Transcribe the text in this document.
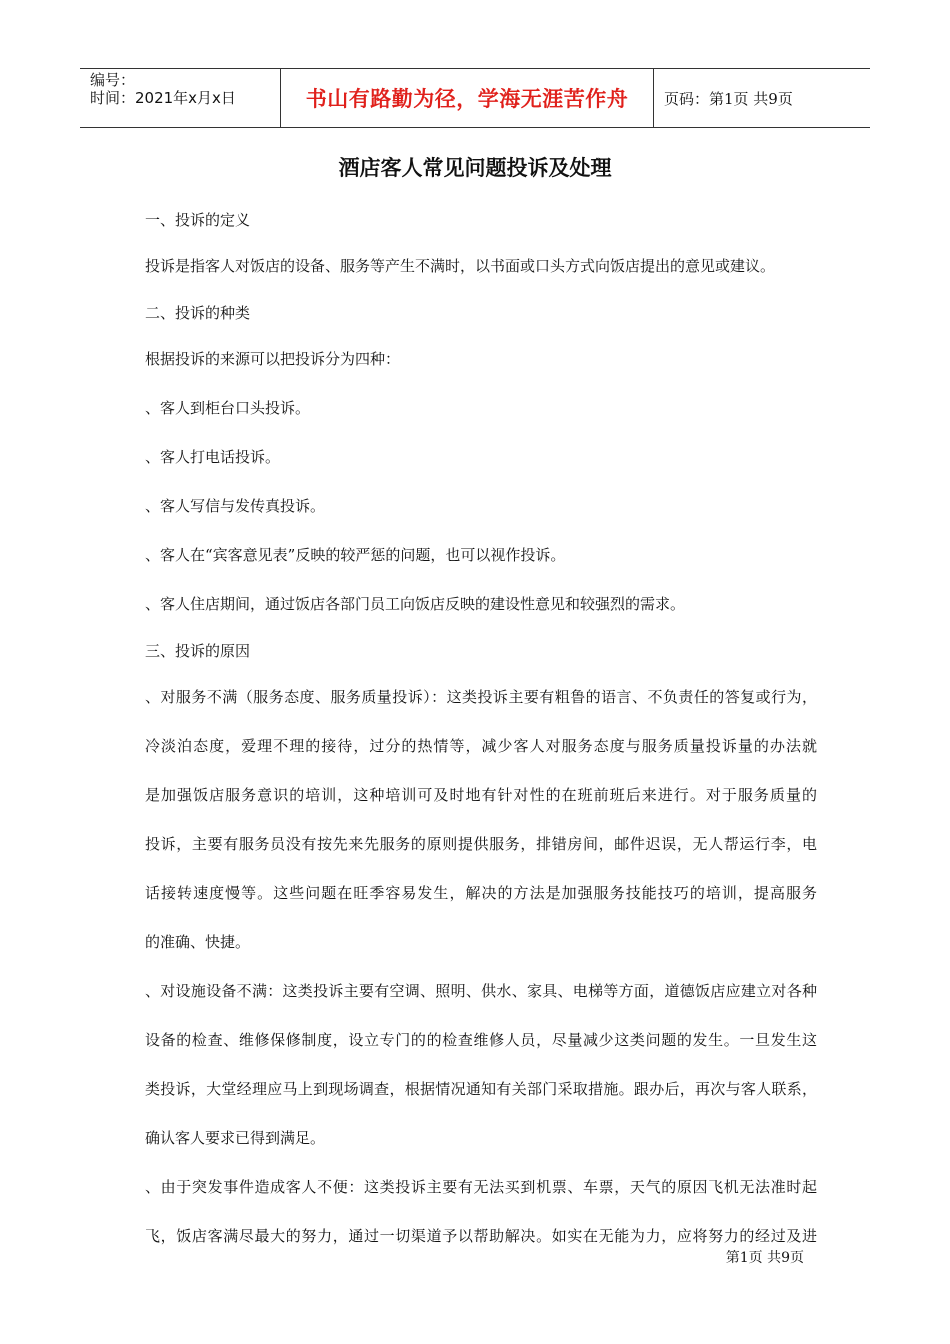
编号：
时间：2021年x月x日	书山有路勤为径，学海无涯苦作舟 页码：第1页 共9页
酒店客人常见问题投诉及处理

一、投诉的定义

投诉是指客人对饭店的设备、服务等产生不满时，以书面或口头方式向饭店提出的意见或建议。

二、投诉的种类

根据投诉的来源可以把投诉分为四种：

、客人到柜台口头投诉。

、客人打电话投诉。

、客人写信与发传真投诉。

、客人在“宾客意见表”反映的较严惩的问题，也可以视作投诉。

、客人住店期间，通过饭店各部门员工向饭店反映的建设性意见和较强烈的需求。

三、投诉的原因

、对服务不满（服务态度、服务质量投诉）：这类投诉主要有粗鲁的语言、不负责任的答复或行为，

冷淡泊态度，爱理不理的接待，过分的热情等，减少客人对服务态度与服务质量投诉量的办法就

是加强饭店服务意识的培训，这种培训可及时地有针对性的在班前班后来进行。对于服务质量的

投诉，主要有服务员没有按先来先服务的原则提供服务，排错房间，邮件迟误，无人帮运行李，电

话接转速度慢等。这些问题在旺季容易发生，解决的方法是加强服务技能技巧的培训，提高服务

的准确、快捷。

、对设施设备不满：这类投诉主要有空调、照明、供水、家具、电梯等方面，道德饭店应建立对各种

设备的检查、维修保修制度，设立专门的的检查维修人员，尽量减少这类问题的发生。一旦发生这

类投诉，大堂经理应马上到现场调查，根据情况通知有关部门采取措施。跟办后，再次与客人联系，

确认客人要求已得到满足。

、由于突发事件造成客人不便：这类投诉主要有无法买到机票、车票，天气的原因飞机无法准时起

飞，饭店客满尽最大的努力，通过一切渠道予以帮助解决。如实在无能为力，应将努力的经过及进

第1页 共9页
